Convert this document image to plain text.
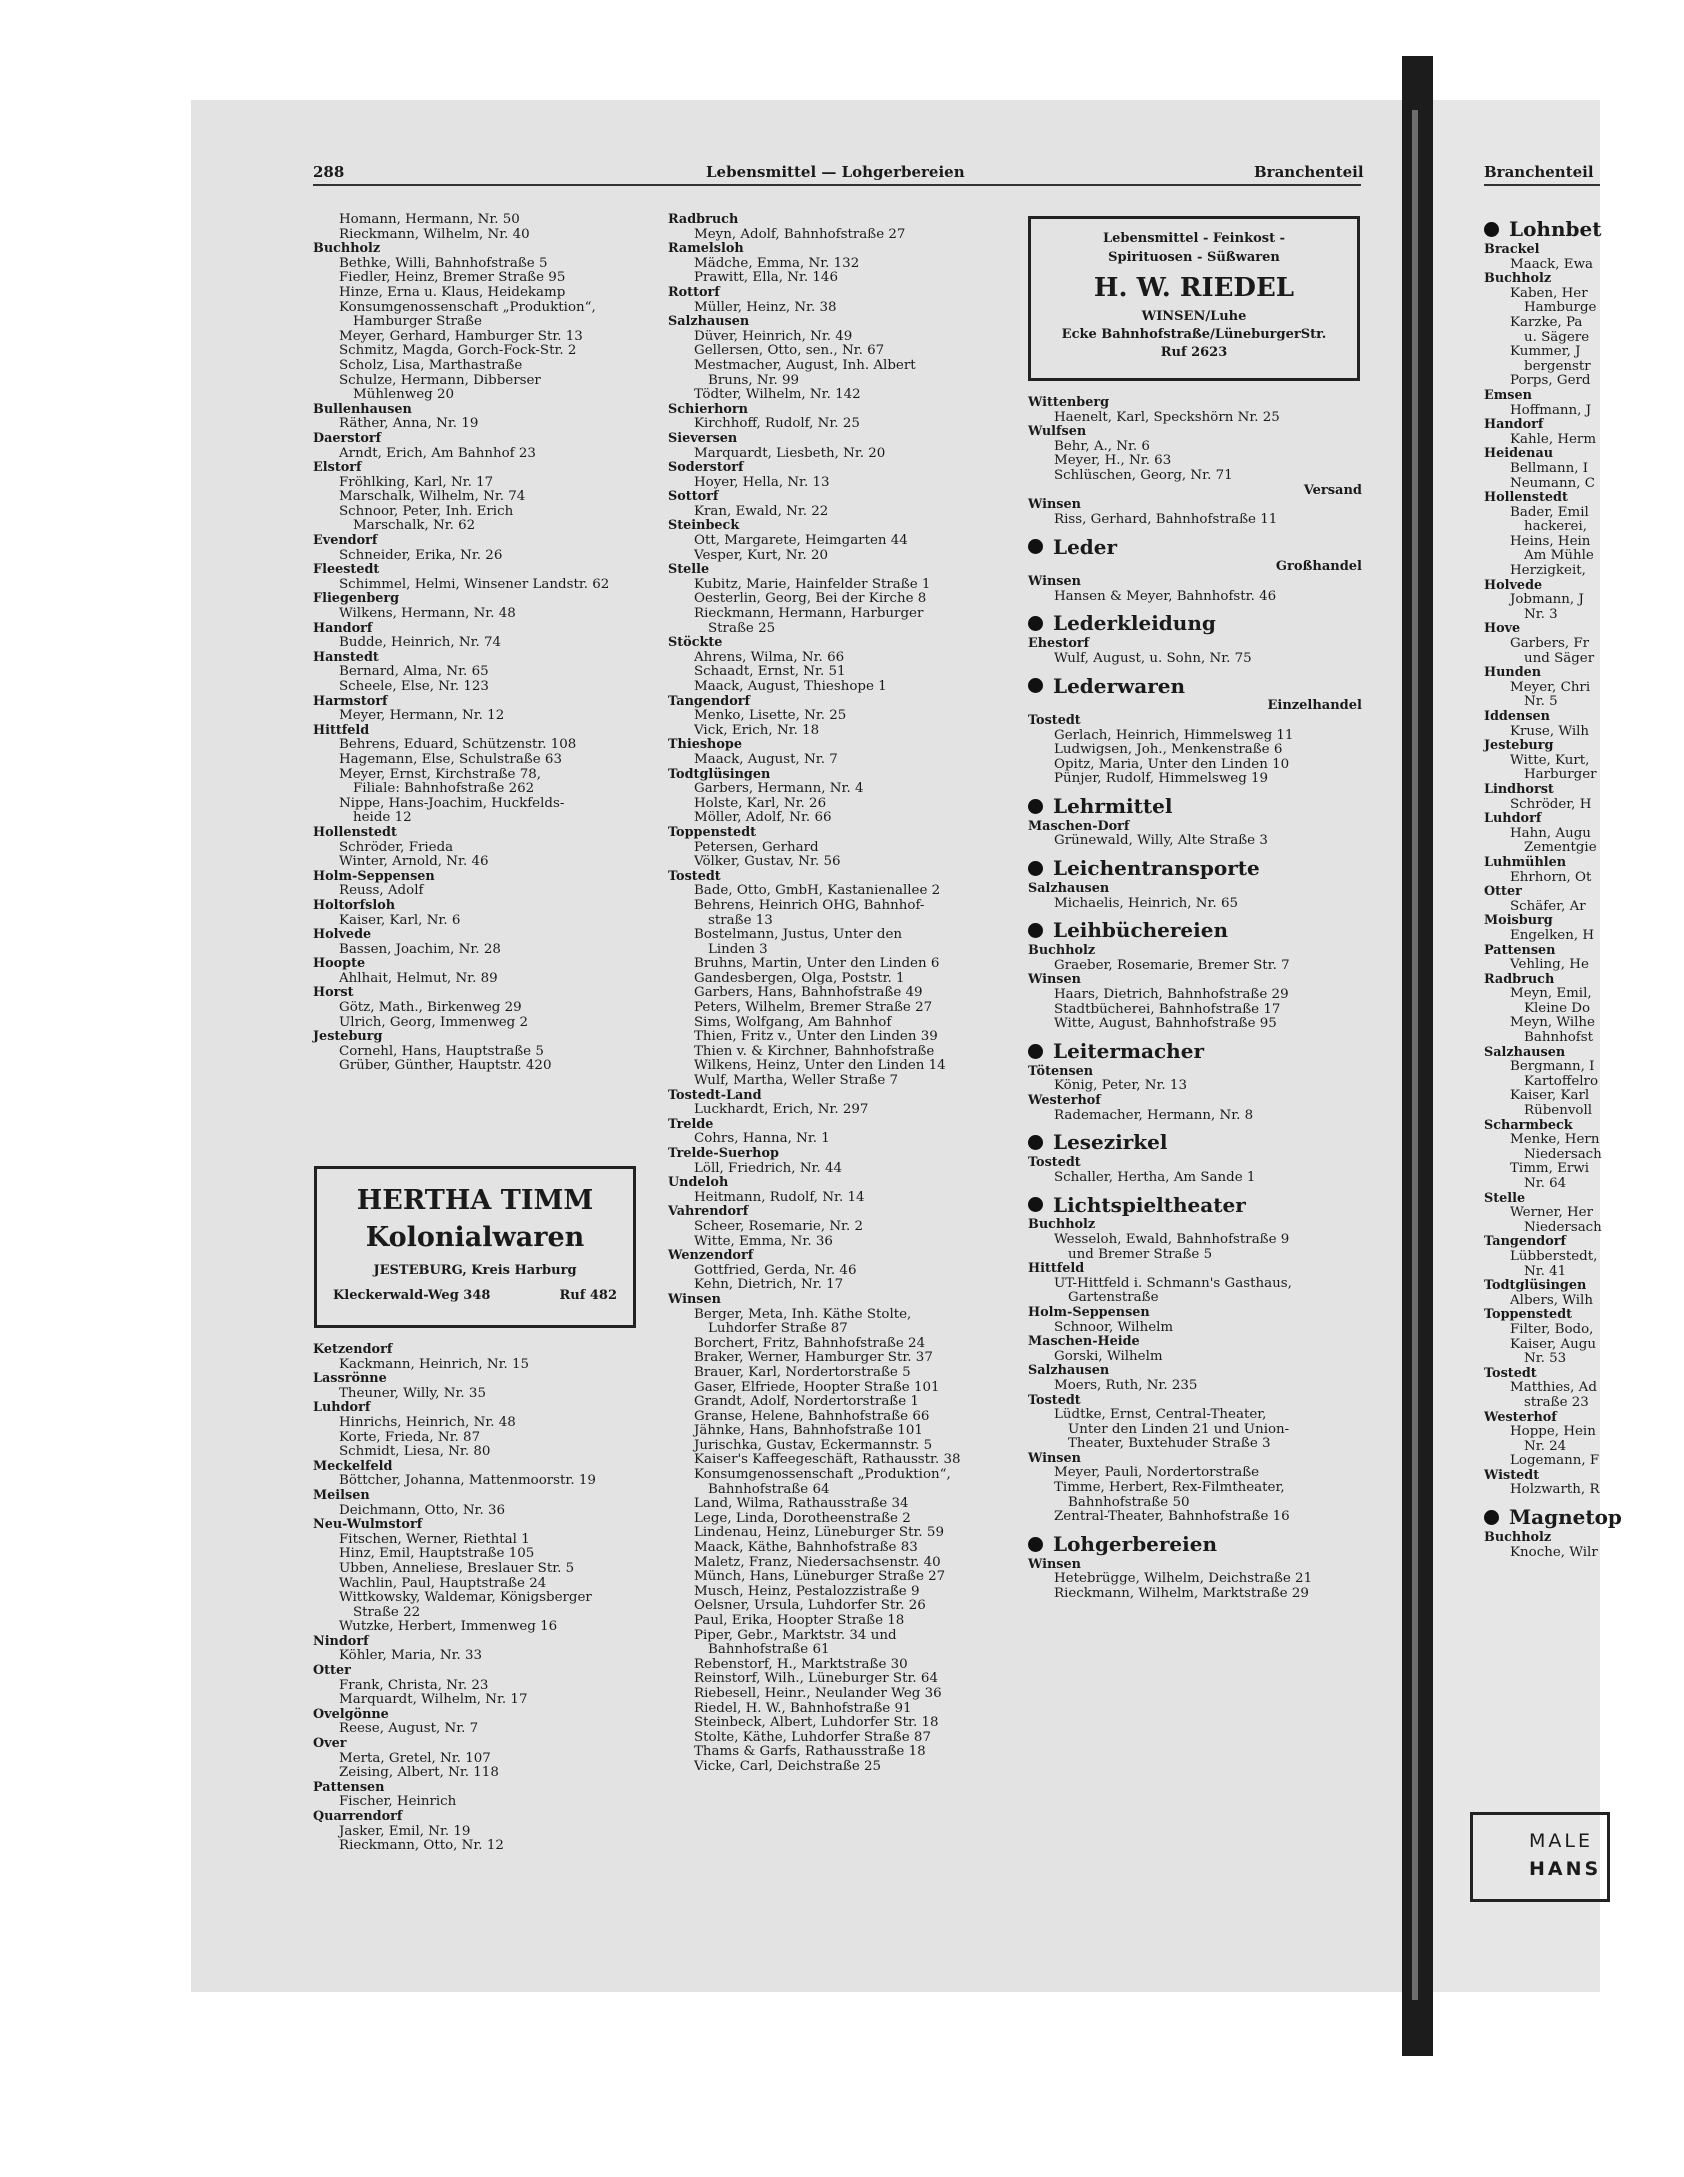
288	Lebensmittel — Lohgerbereien	Branchenteil	Branchenteil
Homann, Hermann, Nr. 50
Rieckmann, Wilhelm, Nr. 40
Buchholz
Bethke, Willi, Bahnhofstraße 5
Fiedler, Heinz, Bremer Straße 95
Hinze, Erna u. Klaus, Heidekamp
Konsumgenossenschaft „Produktion“,
Hamburger Straße
Meyer, Gerhard, Hamburger Str. 13
Schmitz, Magda, Gorch-Fock-Str. 2
Scholz, Lisa, Marthastraße
Schulze, Hermann, Dibberser
Mühlenweg 20
Bullenhausen
Räther, Anna, Nr. 19
Daerstorf
Arndt, Erich, Am Bahnhof 23
Elstorf
Fröhlking, Karl, Nr. 17
Marschalk, Wilhelm, Nr. 74
Schnoor, Peter, Inh. Erich
Marschalk, Nr. 62
Evendorf
Schneider, Erika, Nr. 26
Fleestedt
Schimmel, Helmi, Winsener Landstr. 62
Fliegenberg
Wilkens, Hermann, Nr. 48
Handorf
Budde, Heinrich, Nr. 74
Hanstedt
Bernard, Alma, Nr. 65
Scheele, Else, Nr. 123
Harmstorf
Meyer, Hermann, Nr. 12
Hittfeld
Behrens, Eduard, Schützenstr. 108
Hagemann, Else, Schulstraße 63
Meyer, Ernst, Kirchstraße 78,
Filiale: Bahnhofstraße 262
Nippe, Hans-Joachim, Huckfelds-
heide 12
Hollenstedt
Schröder, Frieda
Winter, Arnold, Nr. 46
Holm-Seppensen
Reuss, Adolf
Holtorfsloh
Kaiser, Karl, Nr. 6
Holvede
Bassen, Joachim, Nr. 28
Hoopte
Ahlhait, Helmut, Nr. 89
Horst
Götz, Math., Birkenweg 29
Ulrich, Georg, Immenweg 2
Jesteburg
Cornehl, Hans, Hauptstraße 5
Grüber, Günther, Hauptstr. 420
HERTHA TIMM
Kolonialwaren
JESTEBURG, Kreis Harburg
Kleckerwald-Weg 348	Ruf 482
Ketzendorf
Kackmann, Heinrich, Nr. 15
Lassrönne
Theuner, Willy, Nr. 35
Luhdorf
Hinrichs, Heinrich, Nr. 48
Korte, Frieda, Nr. 87
Schmidt, Liesa, Nr. 80
Meckelfeld
Böttcher, Johanna, Mattenmoorstr. 19
Meilsen
Deichmann, Otto, Nr. 36
Neu-Wulmstorf
Fitschen, Werner, Riethtal 1
Hinz, Emil, Hauptstraße 105
Ubben, Anneliese, Breslauer Str. 5
Wachlin, Paul, Hauptstraße 24
Wittkowsky, Waldemar, Königsberger
Straße 22
Wutzke, Herbert, Immenweg 16
Nindorf
Köhler, Maria, Nr. 33
Otter
Frank, Christa, Nr. 23
Marquardt, Wilhelm, Nr. 17
Ovelgönne
Reese, August, Nr. 7
Over
Merta, Gretel, Nr. 107
Zeising, Albert, Nr. 118
Pattensen
Fischer, Heinrich
Quarrendorf
Jasker, Emil, Nr. 19
Rieckmann, Otto, Nr. 12
Radbruch
Meyn, Adolf, Bahnhofstraße 27
Ramelsloh
Mädche, Emma, Nr. 132
Prawitt, Ella, Nr. 146
Rottorf
Müller, Heinz, Nr. 38
Salzhausen
Düver, Heinrich, Nr. 49
Gellersen, Otto, sen., Nr. 67
Mestmacher, August, Inh. Albert
Bruns, Nr. 99
Tödter, Wilhelm, Nr. 142
Schierhorn
Kirchhoff, Rudolf, Nr. 25
Sieversen
Marquardt, Liesbeth, Nr. 20
Soderstorf
Hoyer, Hella, Nr. 13
Sottorf
Kran, Ewald, Nr. 22
Steinbeck
Ott, Margarete, Heimgarten 44
Vesper, Kurt, Nr. 20
Stelle
Kubitz, Marie, Hainfelder Straße 1
Oesterlin, Georg, Bei der Kirche 8
Rieckmann, Hermann, Harburger
Straße 25
Stöckte
Ahrens, Wilma, Nr. 66
Schaadt, Ernst, Nr. 51
Maack, August, Thieshope 1
Tangendorf
Menko, Lisette, Nr. 25
Vick, Erich, Nr. 18
Thieshope
Maack, August, Nr. 7
Todtglüsingen
Garbers, Hermann, Nr. 4
Holste, Karl, Nr. 26
Möller, Adolf, Nr. 66
Toppenstedt
Petersen, Gerhard
Völker, Gustav, Nr. 56
Tostedt
Bade, Otto, GmbH, Kastanienallee 2
Behrens, Heinrich OHG, Bahnhof-
straße 13
Bostelmann, Justus, Unter den
Linden 3
Bruhns, Martin, Unter den Linden 6
Gandesbergen, Olga, Poststr. 1
Garbers, Hans, Bahnhofstraße 49
Peters, Wilhelm, Bremer Straße 27
Sims, Wolfgang, Am Bahnhof
Thien, Fritz v., Unter den Linden 39
Thien v. & Kirchner, Bahnhofstraße
Wilkens, Heinz, Unter den Linden 14
Wulf, Martha, Weller Straße 7
Tostedt-Land
Luckhardt, Erich, Nr. 297
Trelde
Cohrs, Hanna, Nr. 1
Trelde-Suerhop
Löll, Friedrich, Nr. 44
Undeloh
Heitmann, Rudolf, Nr. 14
Vahrendorf
Scheer, Rosemarie, Nr. 2
Witte, Emma, Nr. 36
Wenzendorf
Gottfried, Gerda, Nr. 46
Kehn, Dietrich, Nr. 17
Winsen
Berger, Meta, Inh. Käthe Stolte,
Luhdorfer Straße 87
Borchert, Fritz, Bahnhofstraße 24
Braker, Werner, Hamburger Str. 37
Brauer, Karl, Nordertorstraße 5
Gaser, Elfriede, Hoopter Straße 101
Grandt, Adolf, Nordertorstraße 1
Granse, Helene, Bahnhofstraße 66
Jähnke, Hans, Bahnhofstraße 101
Jurischka, Gustav, Eckermannstr. 5
Kaiser's Kaffeegeschäft, Rathausstr. 38
Konsumgenossenschaft „Produktion“,
Bahnhofstraße 64
Land, Wilma, Rathausstraße 34
Lege, Linda, Dorotheenstraße 2
Lindenau, Heinz, Lüneburger Str. 59
Maack, Käthe, Bahnhofstraße 83
Maletz, Franz, Niedersachsenstr. 40
Münch, Hans, Lüneburger Straße 27
Musch, Heinz, Pestalozzistraße 9
Oelsner, Ursula, Luhdorfer Str. 26
Paul, Erika, Hoopter Straße 18
Piper, Gebr., Marktstr. 34 und
Bahnhofstraße 61
Rebenstorf, H., Marktstraße 30
Reinstorf, Wilh., Lüneburger Str. 64
Riebesell, Heinr., Neulander Weg 36
Riedel, H. W., Bahnhofstraße 91
Steinbeck, Albert, Luhdorfer Str. 18
Stolte, Käthe, Luhdorfer Straße 87
Thams & Garfs, Rathausstraße 18
Vicke, Carl, Deichstraße 25
Lebensmittel - Feinkost -
Spirituosen - Süßwaren
H. W. RIEDEL
WINSEN/Luhe
Ecke Bahnhofstraße/LüneburgerStr.
Ruf 2623
Wittenberg
Haenelt, Karl, Speckshörn Nr. 25
Wulfsen
Behr, A., Nr. 6
Meyer, H., Nr. 63
Schlüschen, Georg, Nr. 71
Versand
Winsen
Riss, Gerhard, Bahnhofstraße 11
Leder
Großhandel
Winsen
Hansen & Meyer, Bahnhofstr. 46
Lederkleidung
Ehestorf
Wulf, August, u. Sohn, Nr. 75
Lederwaren
Einzelhandel
Tostedt
Gerlach, Heinrich, Himmelsweg 11
Ludwigsen, Joh., Menkenstraße 6
Opitz, Maria, Unter den Linden 10
Pünjer, Rudolf, Himmelsweg 19
Lehrmittel
Maschen-Dorf
Grünewald, Willy, Alte Straße 3
Leichentransporte
Salzhausen
Michaelis, Heinrich, Nr. 65
Leihbüchereien
Buchholz
Graeber, Rosemarie, Bremer Str. 7
Winsen
Haars, Dietrich, Bahnhofstraße 29
Stadtbücherei, Bahnhofstraße 17
Witte, August, Bahnhofstraße 95
Leitermacher
Tötensen
König, Peter, Nr. 13
Westerhof
Rademacher, Hermann, Nr. 8
Lesezirkel
Tostedt
Schaller, Hertha, Am Sande 1
Lichtspieltheater
Buchholz
Wesseloh, Ewald, Bahnhofstraße 9
und Bremer Straße 5
Hittfeld
UT-Hittfeld i. Schmann's Gasthaus,
Gartenstraße
Holm-Seppensen
Schnoor, Wilhelm
Maschen-Heide
Gorski, Wilhelm
Salzhausen
Moers, Ruth, Nr. 235
Tostedt
Lüdtke, Ernst, Central-Theater,
Unter den Linden 21 und Union-
Theater, Buxtehuder Straße 3
Winsen
Meyer, Pauli, Nordertorstraße
Timme, Herbert, Rex-Filmtheater,
Bahnhofstraße 50
Zentral-Theater, Bahnhofstraße 16
Lohgerbereien
Winsen
Hetebrügge, Wilhelm, Deichstraße 21
Rieckmann, Wilhelm, Marktstraße 29
Lohnbet
Brackel
Maack, Ewa
Buchholz
Kaben, Her
Hamburge
Karzke, Pa
u. Sägere
Kummer, J
bergenstr
Porps, Gerd
Emsen
Hoffmann, J
Handorf
Kahle, Herm
Heidenau
Bellmann, I
Neumann, C
Hollenstedt
Bader, Emil
hackerei,
Heins, Hein
Am Mühle
Herzigkeit,
Holvede
Jobmann, J
Nr. 3
Hove
Garbers, Fr
und Säger
Hunden
Meyer, Chri
Nr. 5
Iddensen
Kruse, Wilh
Jesteburg
Witte, Kurt,
Harburger
Lindhorst
Schröder, H
Luhdorf
Hahn, Augu
Zementgie
Luhmühlen
Ehrhorn, Ot
Otter
Schäfer, Ar
Moisburg
Engelken, H
Pattensen
Vehling, He
Radbruch
Meyn, Emil,
Kleine Do
Meyn, Wilhe
Bahnhofst
Salzhausen
Bergmann, I
Kartoffelro
Kaiser, Karl
Rübenvoll
Scharmbeck
Menke, Hern
Niedersach
Timm, Erwi
Nr. 64
Stelle
Werner, Her
Niedersach
Tangendorf
Lübberstedt,
Nr. 41
Todtglüsingen
Albers, Wilh
Toppenstedt
Filter, Bodo,
Kaiser, Augu
Nr. 53
Tostedt
Matthies, Ad
straße 23
Westerhof
Hoppe, Hein
Nr. 24
Logemann, F
Wistedt
Holzwarth, R
Magnetop
Buchholz
Knoche, Wilr
MALE
HANS
